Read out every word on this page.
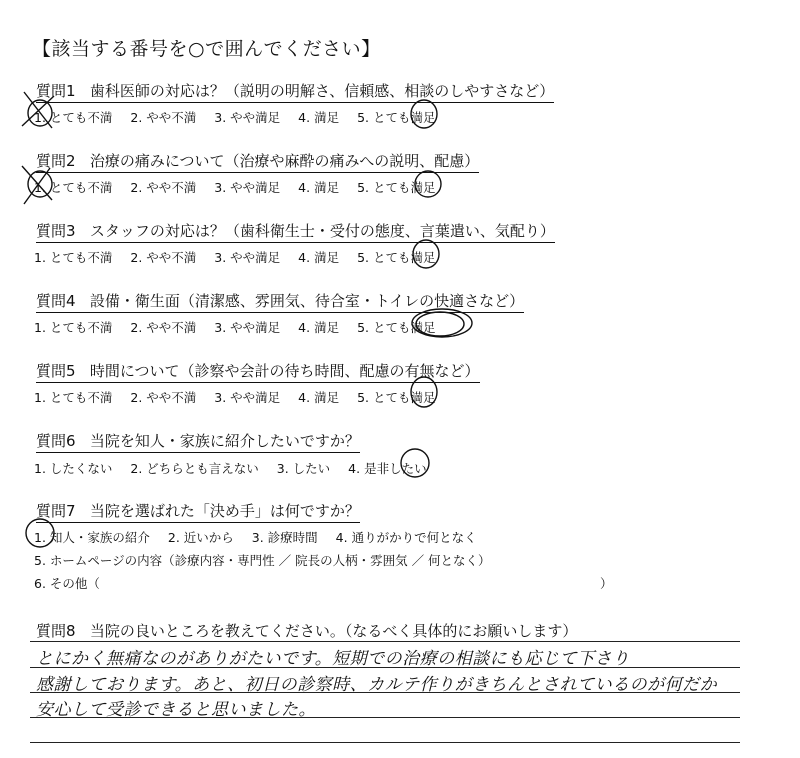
【該当する番号を○で囲んでください】
質問1 歯科医師の対応は？（説明の明解さ、信頼感、相談のしやすさなど）
1. とても不満 2. やや不満 3. やや満足 4. 満足 5. とても満足
質問2 治療の痛みについて（治療や麻酔の痛みへの説明、配慮）
1. とても不満 2. やや不満 3. やや満足 4. 満足 5. とても満足
質問3 スタッフの対応は？（歯科衛生士・受付の態度、言葉遣い、気配り）
1. とても不満 2. やや不満 3. やや満足 4. 満足 5. とても満足
質問4 設備・衛生面（清潔感、雰囲気、待合室・トイレの快適さなど）
1. とても不満 2. やや不満 3. やや満足 4. 満足 5. とても満足
質問5 時間について（診察や会計の待ち時間、配慮の有無など）
1. とても不満 2. やや不満 3. やや満足 4. 満足 5. とても満足
質問6 当院を知人・家族に紹介したいですか？
1. したくない 2. どちらとも言えない 3. したい 4. 是非したい
質問7 当院を選ばれた「決め手」は何ですか？
1. 知人・家族の紹介 2. 近いから 3. 診療時間 4. 通りがかりで何となく
5. ホームページの内容（診療内容・専門性 ／ 院長の人柄・雰囲気 ／ 何となく）
6. その他（	）
質問8 当院の良いところを教えてください。（なるべく具体的にお願いします）
とにかく無痛なのがありがたいです。短期での治療の相談にも応じて下さり
感謝しております。あと、初日の診察時、カルテ作りがきちんとされているのが何だか
安心して受診できると思いました。
